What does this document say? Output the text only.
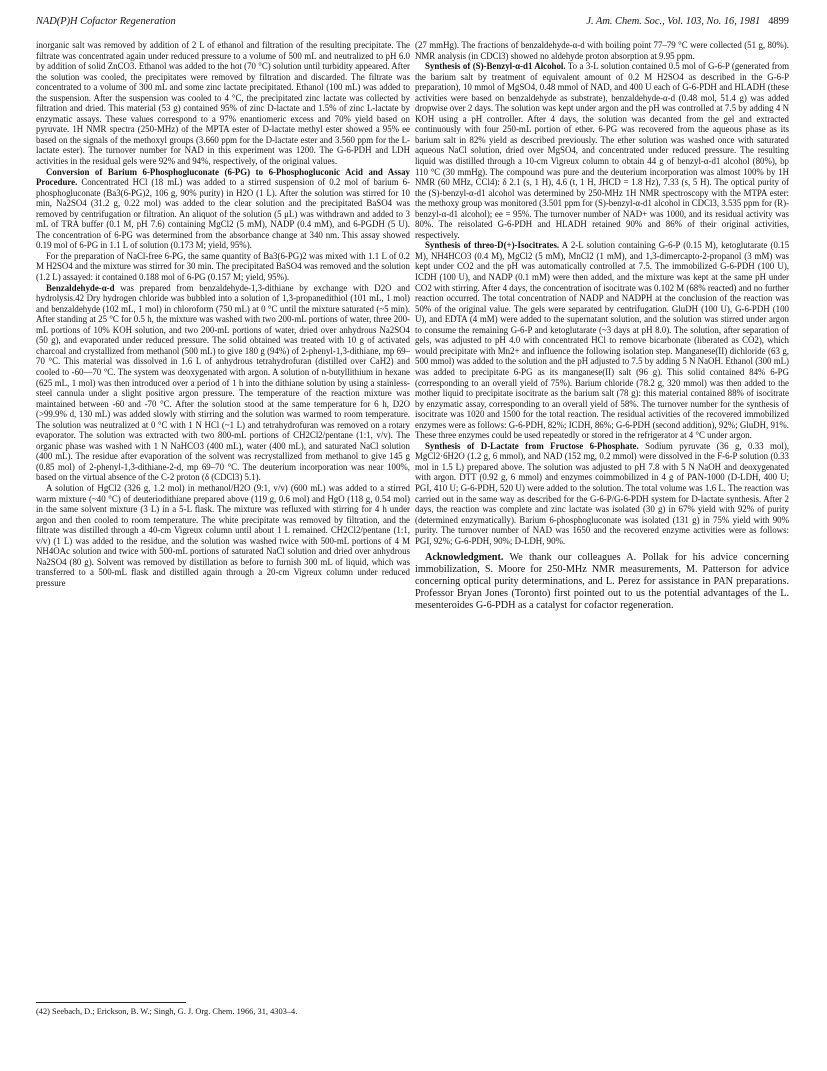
NAD(P)H Cofactor Regeneration	J. Am. Chem. Soc., Vol. 103, No. 16, 1981 4899

inorganic salt was removed by addition of 2 L of ethanol and filtration of the resulting precipitate. The filtrate was concentrated again under reduced pressure to a volume of 500 mL and neutralized to pH 6.0 by addition of solid ZnCO3. Ethanol was added to the hot (70 °C) solution until turbidity appeared. After the solution was cooled, the precipitates were removed by filtration and discarded. The filtrate was concentrated to a volume of 300 mL and some zinc lactate precipitated. Ethanol (100 mL) was added to the suspension. After the suspension was cooled to 4 °C, the precipitated zinc lactate was collected by filtration and dried. This material (53 g) contained 95% of zinc D-lactate and 1.5% of zinc L-lactate by enzymatic assays. These values correspond to a 97% enantiomeric excess and 70% yield based on pyruvate. 1H NMR spectra (250-MHz) of the MPTA ester of D-lactate methyl ester showed a 95% ee based on the signals of the methoxyl groups (3.660 ppm for the D-lactate ester and 3.560 ppm for the L-lactate ester). The turnover number for NAD in this experiment was 1200. The G-6-PDH and LDH activities in the residual gels were 92% and 94%, respectively, of the original values.

Conversion of Barium 6-Phosphogluconate (6-PG) to 6-Phosphogluconic Acid and Assay Procedure. Concentrated HCl (18 mL) was added to a stirred suspension of 0.2 mol of barium 6-phosphogluconate (Ba3(6-PG)2, 106 g, 90% purity) in H2O (1 L). After the solution was stirred for 10 min, Na2SO4 (31.2 g, 0.22 mol) was added to the clear solution and the precipitated BaSO4 was removed by centrifugation or filtration. An aliquot of the solution (5 μL) was withdrawn and added to 3 mL of TRA buffer (0.1 M, pH 7.6) containing MgCl2 (5 mM), NADP (0.4 mM), and 6-PGDH (5 U). The concentration of 6-PG was determined from the absorbance change at 340 nm. This assay showed 0.19 mol of 6-PG in 1.1 L of solution (0.173 M; yield, 95%).

For the preparation of NaCl-free 6-PG, the same quantity of Ba3(6-PG)2 was mixed with 1.1 L of 0.2 M H2SO4 and the mixture was stirred for 30 min. The precipitated BaSO4 was removed and the solution (1.2 L) assayed: it contained 0.188 mol of 6-PG (0.157 M; yield, 95%).

Benzaldehyde-α-d was prepared from benzaldehyde-1,3-dithiane by exchange with D2O and hydrolysis.42 Dry hydrogen chloride was bubbled into a solution of 1,3-propanedithiol (101 mL, 1 mol) and benzaldehyde (102 mL, 1 mol) in chloroform (750 mL) at 0 °C until the mixture saturated (~5 min). After standing at 25 °C for 0.5 h, the mixture was washed with two 200-mL portions of water, three 200-mL portions of 10% KOH solution, and two 200-mL portions of water, dried over anhydrous Na2SO4 (50 g), and evaporated under reduced pressure. The solid obtained was treated with 10 g of activated charcoal and crystallized from methanol (500 mL) to give 180 g (94%) of 2-phenyl-1,3-dithiane, mp 69–70 °C. This material was dissolved in 1.6 L of anhydrous tetrahydrofuran (distilled over CaH2) and cooled to -60—70 °C. The system was deoxygenated with argon. A solution of n-butyllithium in hexane (625 mL, 1 mol) was then introduced over a period of 1 h into the dithiane solution by using a stainless-steel cannula under a slight positive argon pressure. The temperature of the reaction mixture was maintained between -60 and -70 °C. After the solution stood at the same temperature for 6 h, D2O (>99.9% d, 130 mL) was added slowly with stirring and the solution was warmed to room temperature. The solution was neutralized at 0 °C with 1 N HCl (~1 L) and tetrahydrofuran was removed on a rotary evaporator. The solution was extracted with two 800-mL portions of CH2Cl2/pentane (1:1, v/v). The organic phase was washed with 1 N NaHCO3 (400 mL), water (400 mL), and saturated NaCl solution (400 mL). The residue after evaporation of the solvent was recrystallized from methanol to give 145 g (0.85 mol) of 2-phenyl-1,3-dithiane-2-d, mp 69–70 °C. The deuterium incorporation was near 100%, based on the virtual absence of the C-2 proton (δ (CDCl3) 5.1).

A solution of HgCl2 (326 g, 1.2 mol) in methanol/H2O (9:1, v/v) (600 mL) was added to a stirred warm mixture (~40 °C) of deuteriodithiane prepared above (119 g, 0.6 mol) and HgO (118 g, 0.54 mol) in the same solvent mixture (3 L) in a 5-L flask. The mixture was refluxed with stirring for 4 h under argon and then cooled to room temperature. The white precipitate was removed by filtration, and the filtrate was distilled through a 40-cm Vigreux column until about 1 L remained. CH2Cl2/pentane (1:1, v/v) (1 L) was added to the residue, and the solution was washed twice with 500-mL portions of 4 M NH4OAc solution and twice with 500-mL portions of saturated NaCl solution and dried over anhydrous Na2SO4 (80 g). Solvent was removed by distillation as before to furnish 300 mL of liquid, which was transferred to a 500-mL flask and distilled again through a 20-cm Vigreux column under reduced pressure

(27 mmHg). The fractions of benzaldehyde-α-d with boiling point 77–79 °C were collected (51 g, 80%). NMR analysis (in CDCl3) showed no aldehyde proton absorption at 9.95 ppm.

Synthesis of (S)-Benzyl-α-d1 Alcohol. To a 3-L solution contained 0.5 mol of G-6-P (generated from the barium salt by treatment of equivalent amount of 0.2 M H2SO4 as described in the G-6-P preparation), 10 mmol of MgSO4, 0.48 mmol of NAD, and 400 U each of G-6-PDH and HLADH (these activities were based on benzaldehyde as substrate), benzaldehyde-α-d (0.48 mol, 51.4 g) was added dropwise over 2 days. The solution was kept under argon and the pH was controlled at 7.5 by adding 4 N KOH using a pH controller. After 4 days, the solution was decanted from the gel and extracted continuously with four 250-mL portion of ether. 6-PG was recovered from the aqueous phase as its barium salt in 82% yield as described previously. The ether solution was washed once with saturated aqueous NaCl solution, dried over MgSO4, and concentrated under reduced pressure. The resulting liquid was distilled through a 10-cm Vigreux column to obtain 44 g of benzyl-α-d1 alcohol (80%), bp 110 °C (30 mmHg). The compound was pure and the deuterium incorporation was almost 100% by 1H NMR (60 MHz, CCl4): δ 2.1 (s, 1 H), 4.6 (t, 1 H, JHCD = 1.8 Hz), 7.33 (s, 5 H). The optical purity of the (S)-benzyl-α-d1 alcohol was determined by 250-MHz 1H NMR spectroscopy with the MTPA ester: the methoxy group was monitored (3.501 ppm for (S)-benzyl-α-d1 alcohol in CDCl3, 3.535 ppm for (R)-benzyl-α-d1 alcohol); ee = 95%. The turnover number of NAD+ was 1000, and its residual activity was 80%. The reisolated G-6-PDH and HLADH retained 90% and 86% of their original activities, respectively.

Synthesis of threo-D(+)-Isocitrates. A 2-L solution containing G-6-P (0.15 M), ketoglutarate (0.15 M), NH4HCO3 (0.4 M), MgCl2 (5 mM), MnCl2 (1 mM), and 1,3-dimercapto-2-propanol (3 mM) was kept under CO2 and the pH was automatically controlled at 7.5. The immobilized G-6-PDH (100 U), ICDH (100 U), and NADP (0.1 mM) were then added, and the mixture was kept at the same pH under CO2 with stirring. After 4 days, the concentration of isocitrate was 0.102 M (68% reacted) and no further reaction occurred. The total concentration of NADP and NADPH at the conclusion of the reaction was 50% of the original value. The gels were separated by centrifugation. GluDH (100 U), G-6-PDH (100 U), and EDTA (4 mM) were added to the supernatant solution, and the solution was stirred under argon to consume the remaining G-6-P and ketoglutarate (~3 days at pH 8.0). The solution, after separation of gels, was adjusted to pH 4.0 with concentrated HCl to remove bicarbonate (liberated as CO2), which would precipitate with Mn2+ and influence the following isolation step. Manganese(II) dichloride (63 g, 500 mmol) was added to the solution and the pH adjusted to 7.5 by adding 5 N NaOH. Ethanol (300 mL) was added to precipitate 6-PG as its manganese(II) salt (96 g). This solid contained 84% 6-PG (corresponding to an overall yield of 75%). Barium chloride (78.2 g, 320 mmol) was then added to the mother liquid to precipitate isocitrate as the barium salt (78 g): this material contained 88% of isocitrate by enzymatic assay, corresponding to an overall yield of 58%. The turnover number for the synthesis of isocitrate was 1020 and 1500 for the total reaction. The residual activities of the recovered immobilized enzymes were as follows: G-6-PDH, 82%; ICDH, 86%; G-6-PDH (second addition), 92%; GluDH, 91%. These three enzymes could be used repeatedly or stored in the refrigerator at 4 °C under argon.

Synthesis of D-Lactate from Fructose 6-Phosphate. Sodium pyruvate (36 g, 0.33 mol), MgCl2·6H2O (1.2 g, 6 mmol), and NAD (152 mg, 0.2 mmol) were dissolved in the F-6-P solution (0.33 mol in 1.5 L) prepared above. The solution was adjusted to pH 7.8 with 5 N NaOH and deoxygenated with argon. DTT (0.92 g, 6 mmol) and enzymes coimmobilized in 4 g of PAN-1000 (D-LDH, 400 U; PGI, 410 U; G-6-PDH, 520 U) were added to the solution. The total volume was 1.6 L. The reaction was carried out in the same way as described for the G-6-P/G-6-PDH system for D-lactate synthesis. After 2 days, the reaction was complete and zinc lactate was isolated (30 g) in 67% yield with 92% of purity (determined enzymatically). Barium 6-phosphogluconate was isolated (131 g) in 75% yield with 90% purity. The turnover number of NAD was 1650 and the recovered enzyme activities were as follows: PGI, 92%; G-6-PDH, 90%; D-LDH, 90%.

Acknowledgment. We thank our colleagues A. Pollak for his advice concerning immobilization, S. Moore for 250-MHz NMR measurements, M. Patterson for advice concerning optical purity determinations, and L. Perez for assistance in PAN preparations. Professor Bryan Jones (Toronto) first pointed out to us the potential advantages of the L. mesenteroides G-6-PDH as a catalyst for cofactor regeneration.

(42) Seebach, D.; Erickson, B. W.; Singh, G. J. Org. Chem. 1966, 31, 4303–4.
